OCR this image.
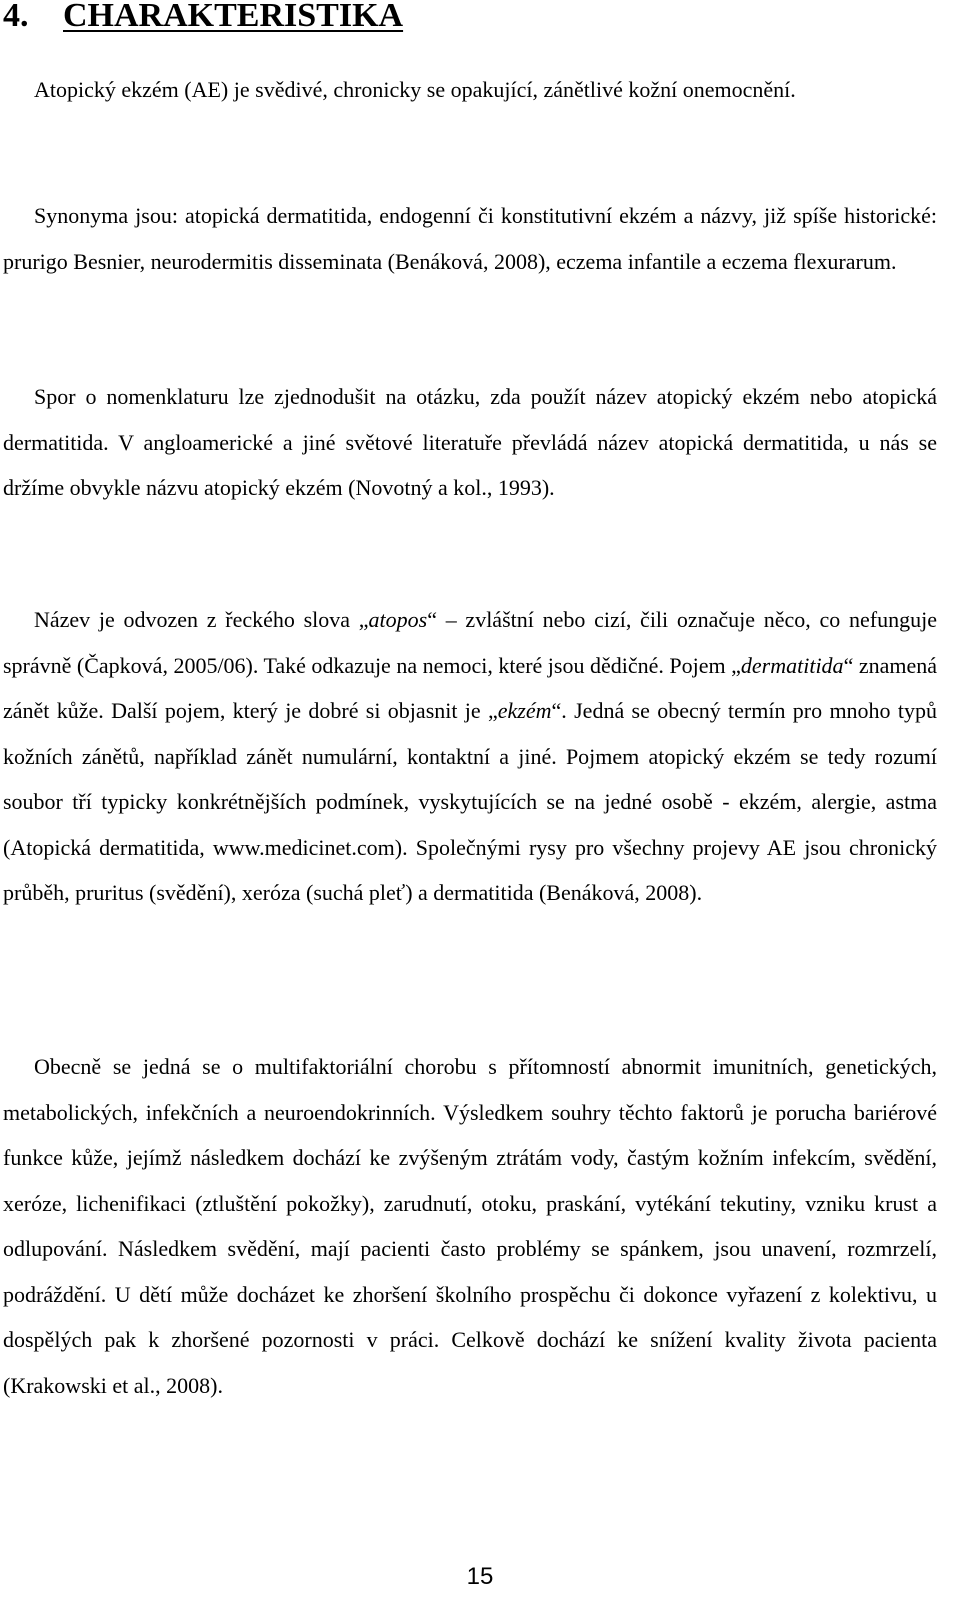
4. CHARAKTERISTIKA

Atopický ekzém (AE) je svědivé, chronicky se opakující, zánětlivé kožní onemocnění.

Synonyma jsou: atopická dermatitida, endogenní či konstitutivní ekzém a názvy, již spíše historické: prurigo Besnier, neurodermitis disseminata (Benáková, 2008), eczema infantile a eczema flexurarum.

Spor o nomenklaturu lze zjednodušit na otázku, zda použít název atopický ekzém nebo atopická dermatitida. V angloamerické a jiné světové literatuře převládá název atopická dermatitida, u nás se držíme obvykle názvu atopický ekzém (Novotný a kol., 1993).

Název je odvozen z řeckého slova „atopos“ – zvláštní nebo cizí, čili označuje něco, co nefunguje správně (Čapková, 2005/06). Také odkazuje na nemoci, které jsou dědičné. Pojem „dermatitida“ znamená zánět kůže. Další pojem, který je dobré si objasnit je „ekzém“. Jedná se obecný termín pro mnoho typů kožních zánětů, například zánět numulární, kontaktní a jiné. Pojmem atopický ekzém se tedy rozumí soubor tří typicky konkrétnějších podmínek, vyskytujících se na jedné osobě - ekzém, alergie, astma (Atopická dermatitida, www.medicinet.com). Společnými rysy pro všechny projevy AE jsou chronický průběh, pruritus (svědění), xeróza (suchá pleť) a dermatitida (Benáková, 2008).

Obecně se jedná se o multifaktoriální chorobu s přítomností abnormit imunitních, genetických, metabolických, infekčních a neuroendokrinních. Výsledkem souhry těchto faktorů je porucha bariérové funkce kůže, jejímž následkem dochází ke zvýšeným ztrátám vody, častým kožním infekcím, svědění, xeróze, lichenifikaci (ztluštění pokožky), zarudnutí, otoku, praskání, vytékání tekutiny, vzniku krust a odlupování. Následkem svědění, mají pacienti často problémy se spánkem, jsou unavení, rozmrzelí, podráždění. U dětí může docházet ke zhoršení školního prospěchu či dokonce vyřazení z kolektivu, u dospělých pak k zhoršené pozornosti v práci. Celkově dochází ke snížení kvality života pacienta (Krakowski et al., 2008).

15
